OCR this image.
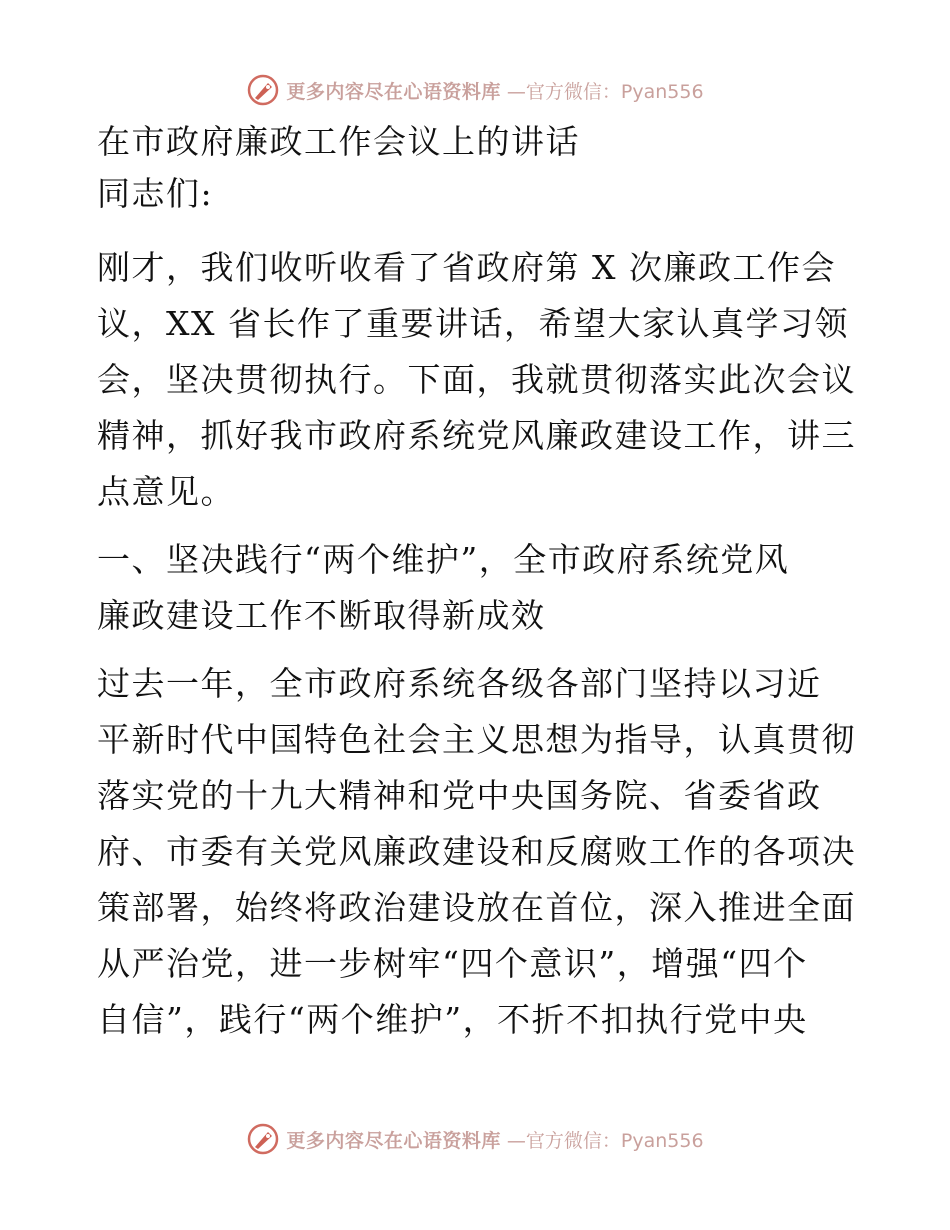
更多内容尽在心语资料库 —官方微信：Pyan556
在市政府廉政工作会议上的讲话
同志们:
刚才，我们收听收看了省政府第 X 次廉政工作会
议，XX 省长作了重要讲话，希望大家认真学习领
会，坚决贯彻执行。下面，我就贯彻落实此次会议
精神，抓好我市政府系统党风廉政建设工作，讲三
点意见。
一、坚决践行“两个维护”，全市政府系统党风
廉政建设工作不断取得新成效
过去一年，全市政府系统各级各部门坚持以习近
平新时代中国特色社会主义思想为指导，认真贯彻
落实党的十九大精神和党中央国务院、省委省政
府、市委有关党风廉政建设和反腐败工作的各项决
策部署，始终将政治建设放在首位，深入推进全面
从严治党，进一步树牢“四个意识”，增强“四个
自信”，践行“两个维护”，不折不扣执行党中央
更多内容尽在心语资料库 —官方微信：Pyan556
